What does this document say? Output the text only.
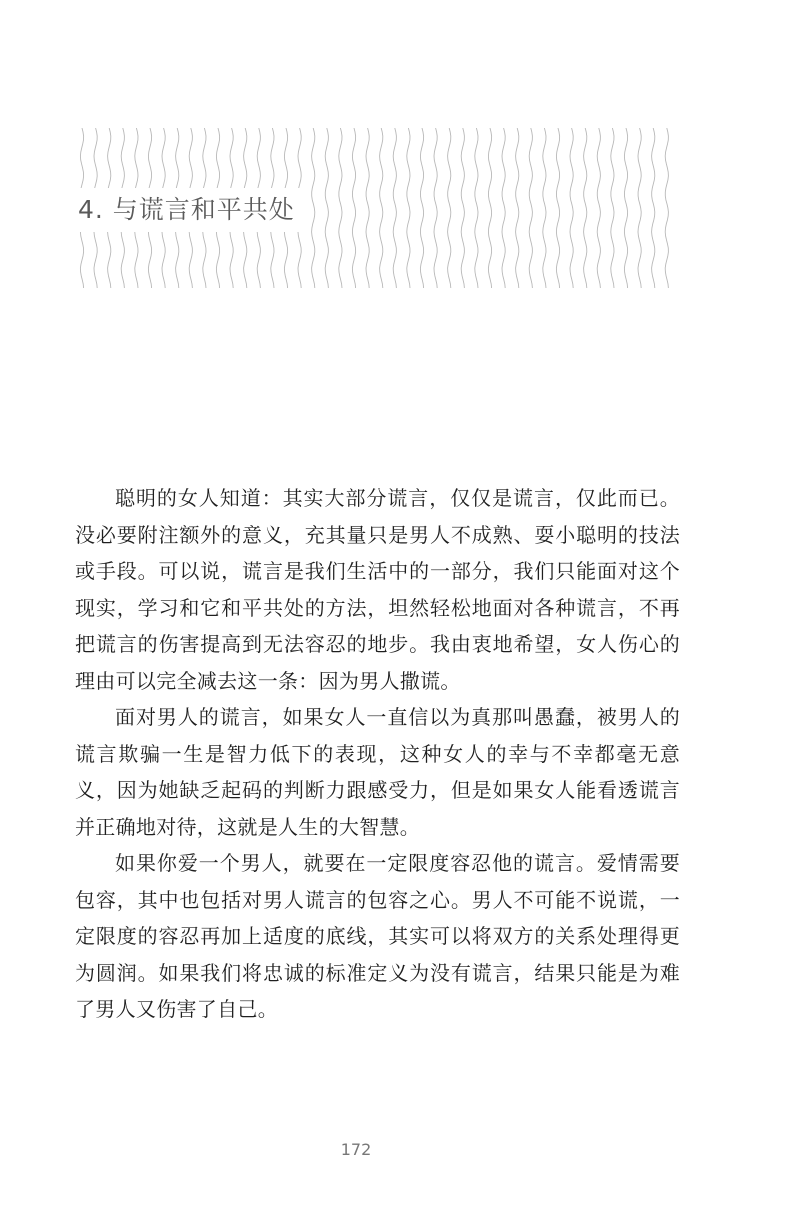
4. 与谎言和平共处

聪明的女人知道：其实大部分谎言，仅仅是谎言，仅此而已。没必要附注额外的意义，充其量只是男人不成熟、耍小聪明的技法或手段。可以说，谎言是我们生活中的一部分，我们只能面对这个现实，学习和它和平共处的方法，坦然轻松地面对各种谎言，不再把谎言的伤害提高到无法容忍的地步。我由衷地希望，女人伤心的理由可以完全减去这一条：因为男人撒谎。

面对男人的谎言，如果女人一直信以为真那叫愚蠢，被男人的谎言欺骗一生是智力低下的表现，这种女人的幸与不幸都毫无意义，因为她缺乏起码的判断力跟感受力，但是如果女人能看透谎言并正确地对待，这就是人生的大智慧。

如果你爱一个男人，就要在一定限度容忍他的谎言。爱情需要包容，其中也包括对男人谎言的包容之心。男人不可能不说谎，一定限度的容忍再加上适度的底线，其实可以将双方的关系处理得更为圆润。如果我们将忠诚的标准定义为没有谎言，结果只能是为难了男人又伤害了自己。

172
